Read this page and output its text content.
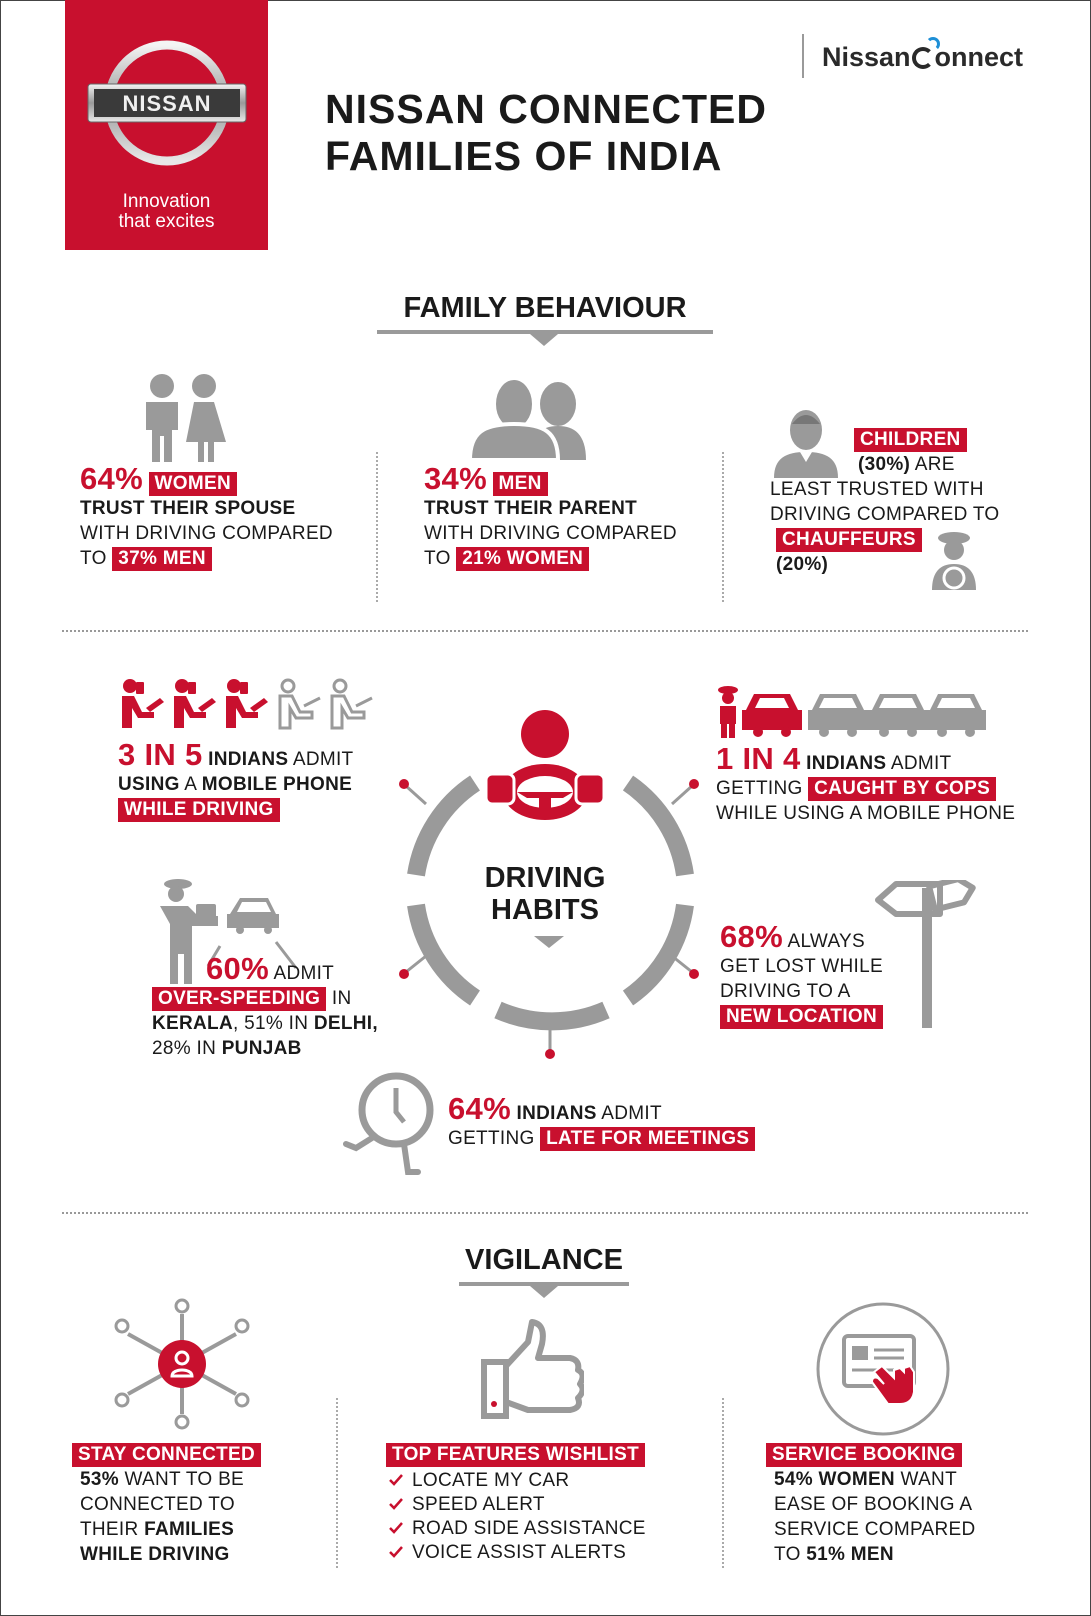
NISSAN
Innovation
that excites
Nissan onnect
NISSAN CONNECTED
FAMILIES OF INDIA
FAMILY BEHAVIOUR
64% WOMEN
TRUST THEIR SPOUSE
WITH DRIVING COMPARED
TO 37% MEN
34% MEN
TRUST THEIR PARENT
WITH DRIVING COMPARED
TO 21% WOMEN
CHILDREN
(30%) ARE
LEAST TRUSTED WITH
DRIVING COMPARED TO
CHAUFFEURS
(20%)
DRIVING
HABITS
3 IN 5 INDIANS ADMIT
USING A MOBILE PHONE
WHILE DRIVING
1 IN 4 INDIANS ADMIT
GETTING CAUGHT BY COPS
WHILE USING A MOBILE PHONE
60% ADMIT
OVER-SPEEDING IN
KERALA, 51% IN DELHI,
28% IN PUNJAB
68% ALWAYS
GET LOST WHILE
DRIVING TO A
NEW LOCATION
64% INDIANS ADMIT
GETTING LATE FOR MEETINGS
VIGILANCE
STAY CONNECTED
53% WANT TO BE
CONNECTED TO
THEIR FAMILIES
WHILE DRIVING
TOP FEATURES WISHLIST
LOCATE MY CAR
SPEED ALERT
ROAD SIDE ASSISTANCE
VOICE ASSIST ALERTS
SERVICE BOOKING
54% WOMEN WANT
EASE OF BOOKING A
SERVICE COMPARED
TO 51% MEN
